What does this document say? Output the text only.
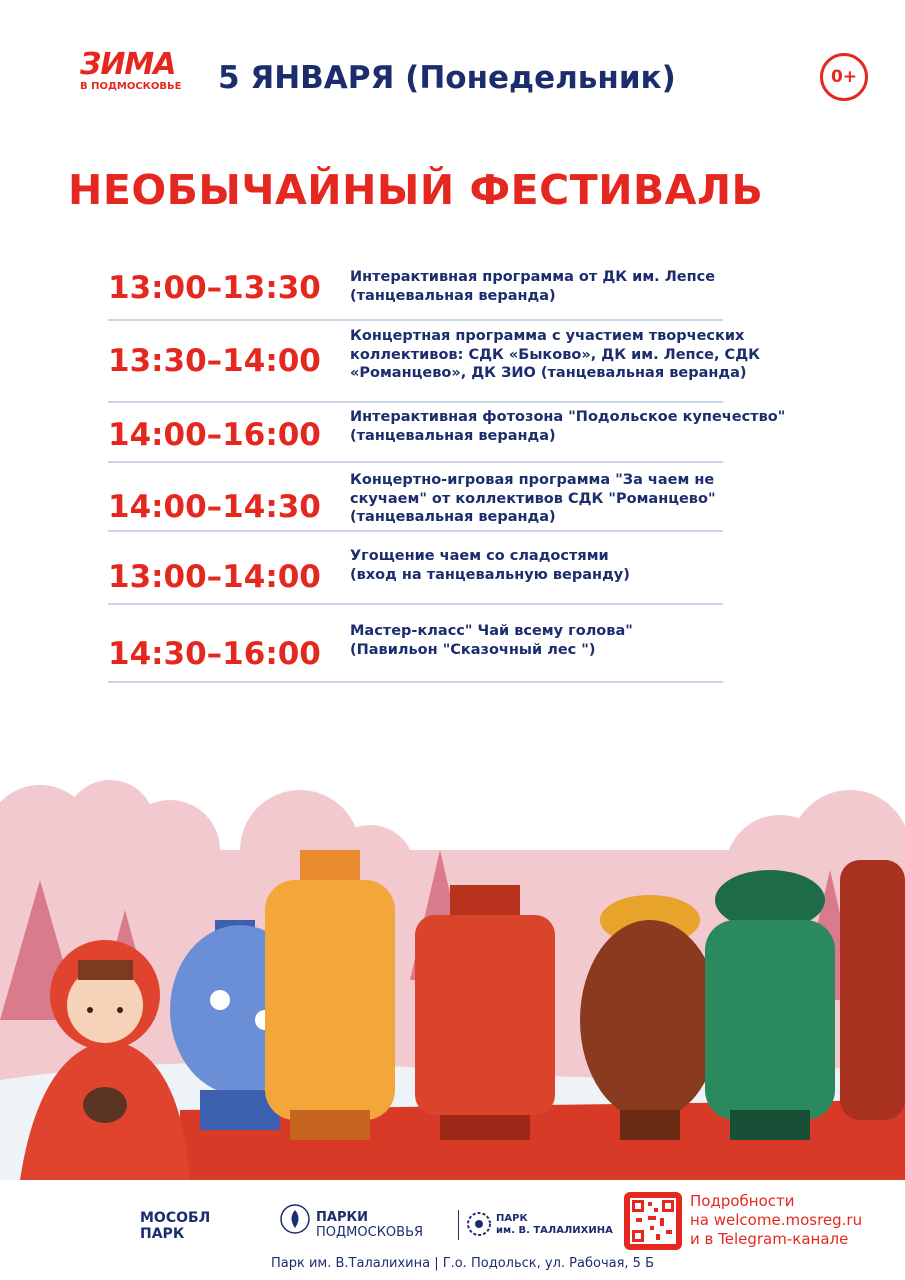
ЗИМА
В ПОДМОСКОВЬЕ 5 ЯНВАРЯ (Понедельник)	0+
НЕОБЫЧАЙНЫЙ ФЕСТИВАЛЬ
13:00–13:30 Интерактивная программа от ДК им. Лепсе
(танцевальная веранда)
13:30–14:00
Концертная программа с участием творческих
коллективов: СДК «Быково», ДК им. Лепсе, СДК
«Романцево», ДК ЗИО (танцевальная веранда)
14:00–16:00 Интерактивная фотозона "Подольское купечество"
(танцевальная веранда)
14:00–14:30
Концертно-игровая программа "За чаем не
скучаем" от коллективов СДК "Романцево"
(танцевальная веранда)
13:00–14:00
Угощение чаем со сладостями
(вход на танцевальную веранду)
14:30–16:00
Мастер-класс" Чай всему голова"
(Павильон "Сказочный лес ")
МОСОБЛ
ПАРК
ПАРКИ
ПОДМОСКОВЬЯ
ПАРК
им. В. ТАЛАЛИХИНА
Подробности
на welcome.mosreg.ru
и в Telegram-канале
Парк им. В.Талалихина | Г.о. Подольск, ул. Рабочая, 5 Б
